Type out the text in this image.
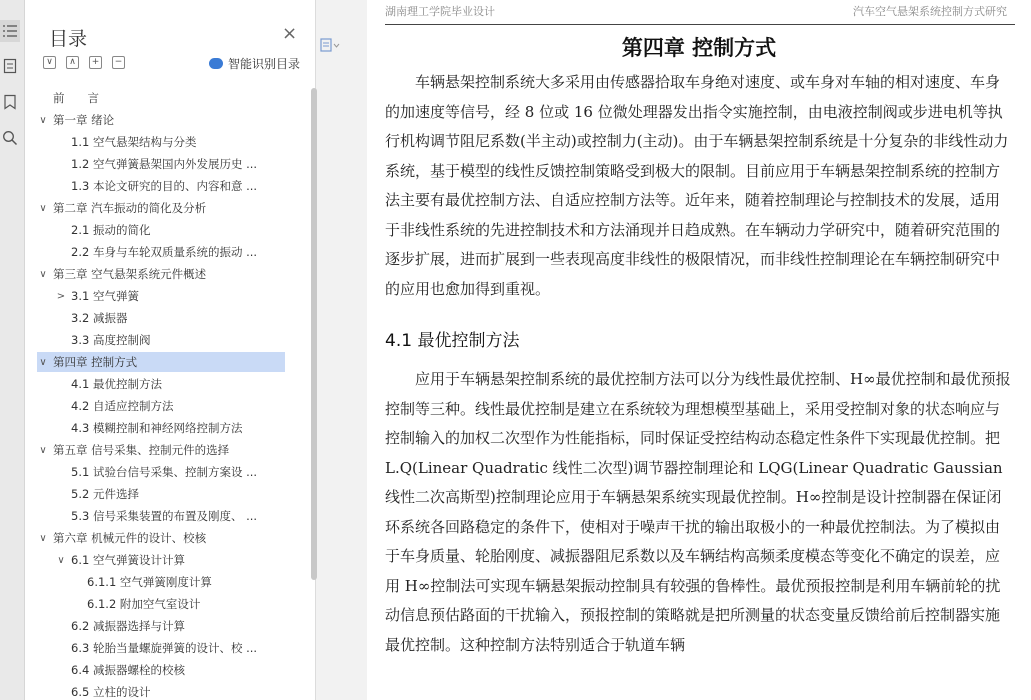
目录	×
∨	∧	+	−	智能识别目录
前　　言
∨ 第一章 绪论
1.1 空气悬架结构与分类
1.2 空气弹簧悬架国内外发展历史 ...
1.3 本论文研究的目的、内容和意 ...
∨ 第二章 汽车振动的简化及分析
2.1 振动的简化
2.2 车身与车轮双质量系统的振动 ...
∨ 第三章 空气悬架系统元件概述
> 3.1 空气弹簧
3.2 减振器
3.3 高度控制阀
∨ 第四章 控制方式
4.1 最优控制方法
4.2 自适应控制方法
4.3 模糊控制和神经网络控制方法
∨ 第五章 信号采集、控制元件的选择
5.1 试验台信号采集、控制方案设 ...
5.2 元件选择
5.3 信号采集装置的布置及刚度、 ...
∨ 第六章 机械元件的设计、校核
∨ 6.1 空气弹簧设计计算
6.1.1 空气弹簧刚度计算
6.1.2 附加空气室设计
6.2 减振器选择与计算
6.3 轮胎当量螺旋弹簧的设计、校 ...
6.4 减振器螺栓的校核
6.5 立柱的设计
湖南理工学院毕业设计	汽车空气悬架系统控制方式研究
第四章 控制方式
车辆悬架控制系统大多采用由传感器拾取车身绝对速度、或车身对车轴的相对速度、车身的加速度等信号，经 8 位或 16 位微处理器发出指令实施控制，由电液控制阀或步进电机等执行机构调节阻尼系数(半主动)或控制力(主动)。由于车辆悬架控制系统是十分复杂的非线性动力系统，基于模型的线性反馈控制策略受到极大的限制。目前应用于车辆悬架控制系统的控制方法主要有最优控制方法、自适应控制方法等。近年来，随着控制理论与控制技术的发展，适用于非线性系统的先进控制技术和方法涌现并日趋成熟。在车辆动力学研究中，随着研究范围的逐步扩展，进而扩展到一些表现高度非线性的极限情况，而非线性控制理论在车辆控制研究中的应用也愈加得到重视。
4.1 最优控制方法
应用于车辆悬架控制系统的最优控制方法可以分为线性最优控制、H∞最优控制和最优预报控制等三种。线性最优控制是建立在系统较为理想模型基础上，采用受控制对象的状态响应与控制输入的加权二次型作为性能指标，同时保证受控结构动态稳定性条件下实现最优控制。把 L.Q(Linear Quadratic 线性二次型)调节器控制理论和 LQG(Linear Quadratic Gaussian 线性二次高斯型)控制理论应用于车辆悬架系统实现最优控制。H∞控制是设计控制器在保证闭环系统各回路稳定的条件下，使相对于噪声干扰的输出取极小的一种最优控制法。为了模拟由于车身质量、轮胎刚度、减振器阻尼系数以及车辆结构高频柔度模态等变化不确定的误差，应用 H∞控制法可实现车辆悬架振动控制具有较强的鲁棒性。最优预报控制是利用车辆前轮的扰动信息预估路面的干扰输入，预报控制的策略就是把所测量的状态变量反馈给前后控制器实施最优控制。这种控制方法特别适合于轨道车辆
